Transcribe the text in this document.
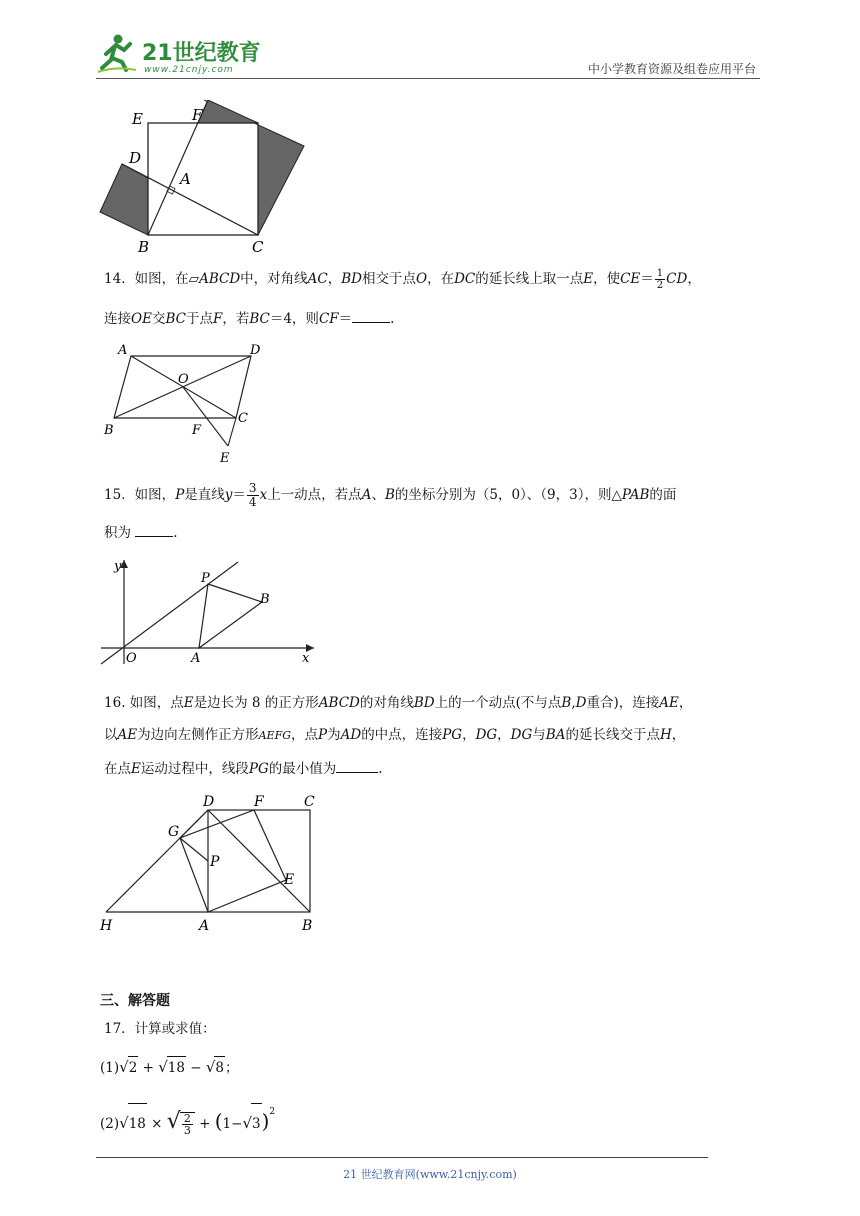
21世纪教育
www.21cnjy.com	中小学教育资源及组卷应用平台
E	F
D
A
B	C
14．如图，在▱ABCD中，对角线AC，BD相交于点O，在DC的延长线上取一点E，使$CE= \frac{1}{2}$ CD，
连接OE交BC于点F，若BC＝4，则CF＝	.
A	D
O
C
B	F
E
15．如图，P是直线$y= \frac{3}{4}$ x上一动点，若点A、B的坐标分别为（5，0）、（9，3），则△PAB的面
积为	.
y
P
B
O	A	x
16. 如图，点E是边长为 8 的正方形ABCD的对角线BD上的一个动点(不与点B,D重合)，连接AE，
以AE为边向左侧作正方形AEFG，点P为AD的中点，连接PG，DG，DG与BA的延长线交于点H，
在点E运动过程中，线段PG的最小值为	.
D	F	C
G
P
E
H	A	B
三、解答题
17．计算或求值：
(1)√2 + √18 − √8；
(2)√18 × √ $\frac{2}{3} + (1-√3)^2$
21 世纪教育网(www.21cnjy.com)
